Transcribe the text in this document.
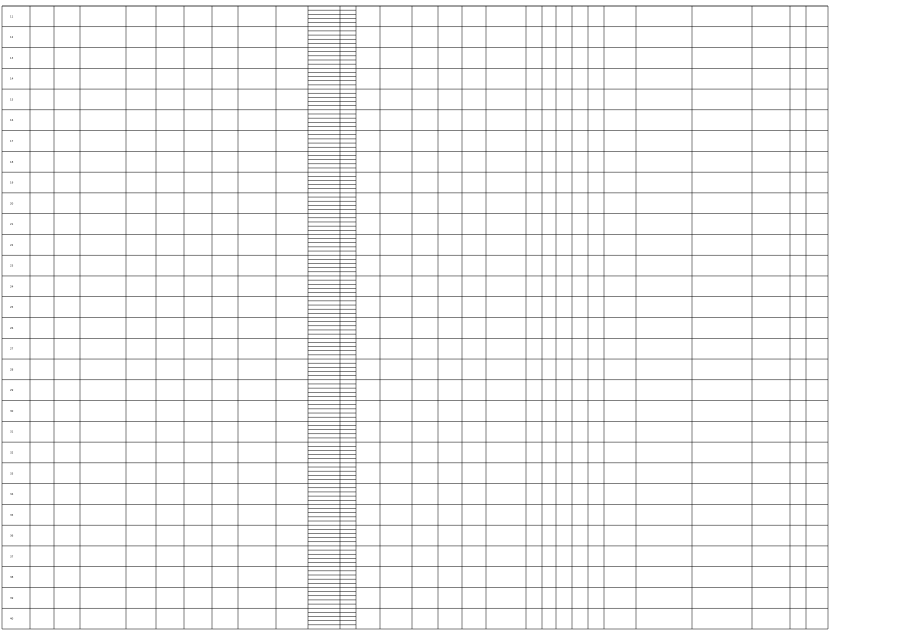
11
12
13
14
15
16
17
18
19
20
21
22
23
24
25
26
27
28
29
30
31
32
33
34
35
36
37
38
39
40
